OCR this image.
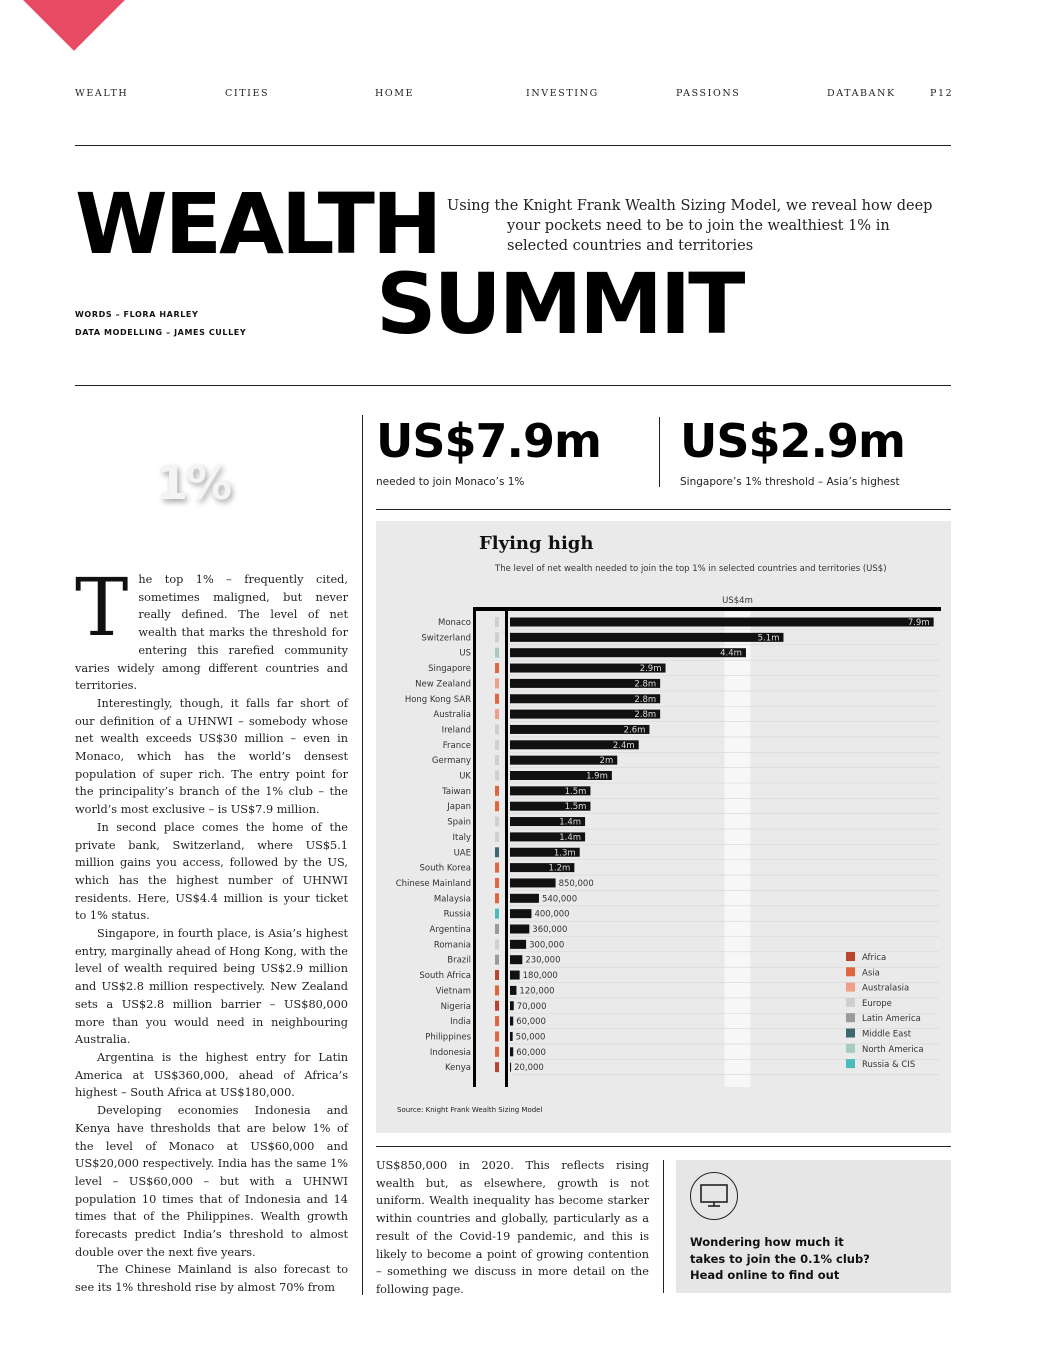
WEALTH	CITIES	HOME	INVESTING	PASSIONS	DATABANK	P12
WEALTH
SUMMIT
Using the Knight Frank Wealth Sizing Model, we reveal how deep
your pockets need to be to join the wealthiest 1% in
selected countries and territories
WORDS – FLORA HARLEY
DATA MODELLING – JAMES CULLEY
1%
T he top 1% – frequently cited, sometimes maligned, but never really defined. The level of net wealth that marks the threshold for entering this rarefied community varies widely among different countries and territories.

Interestingly, though, it falls far short of our definition of a UHNWI – somebody whose net wealth exceeds US$30 million – even in Monaco, which has the world’s densest population of super rich. The entry point for the principality’s branch of the 1% club – the world’s most exclusive – is US$7.9 million.

In second place comes the home of the private bank, Switzerland, where US$5.1 million gains you access, followed by the US, which has the highest number of UHNWI residents. Here, US$4.4 million is your ticket to 1% status.

Singapore, in fourth place, is Asia’s highest entry, marginally ahead of Hong Kong, with the level of wealth required being US$2.9 million and US$2.8 million respectively. New Zealand sets a US$2.8 million barrier – US$80,000 more than you would need in neighbouring Australia.

Argentina is the highest entry for Latin America at US$360,000, ahead of Africa’s highest – South Africa at US$180,000.

Developing economies Indonesia and Kenya have thresholds that are below 1% of the level of Monaco at US$60,000 and US$20,000 respectively. India has the same 1% level – US$60,000 – but with a UHNWI population 10 times that of Indonesia and 14 times that of the Philippines. Wealth growth forecasts predict India’s threshold to almost double over the next five years.

The Chinese Mainland is also forecast to see its 1% threshold rise by almost 70% from

US$7.9m
needed to join Monaco’s 1%
US$2.9m
Singapore’s 1% threshold – Asia’s highest
US$4m
Monaco	7.9m
Switzerland	5.1m
US	4.4m
Singapore	2.9m
New Zealand	2.8m
Hong Kong SAR	2.8m
Australia	2.8m
Ireland	2.6m
France	2.4m
Germany	2m
UK	1.9m
Taiwan	1.5m
Japan	1.5m
Spain	1.4m
Italy	1.4m
UAE	1.3m
South Korea	1.2m
Chinese Mainland	850,000
Malaysia	540,000
Russia	400,000
Argentina	360,000
Romania	300,000
Brazil	230,000
South Africa	180,000
Vietnam	120,000
Nigeria	70,000
India	60,000
Philippines	50,000
Indonesia	60,000
Kenya	20,000
Africa
Asia
Australasia
Europe
Latin America
Middle East
North America
Russia & CIS
Flying high
The level of net wealth needed to join the top 1% in selected countries and territories (US$)
Source: Knight Frank Wealth Sizing Model

US$850,000 in 2020. This reflects rising wealth but, as elsewhere, growth is not uniform. Wealth inequality has become starker within countries and globally, particularly as a result of the Covid-19 pandemic, and this is likely to become a point of growing contention – something we discuss in more detail on the following page.

Wondering how much it
takes to join the 0.1% club?
Head online to find out
